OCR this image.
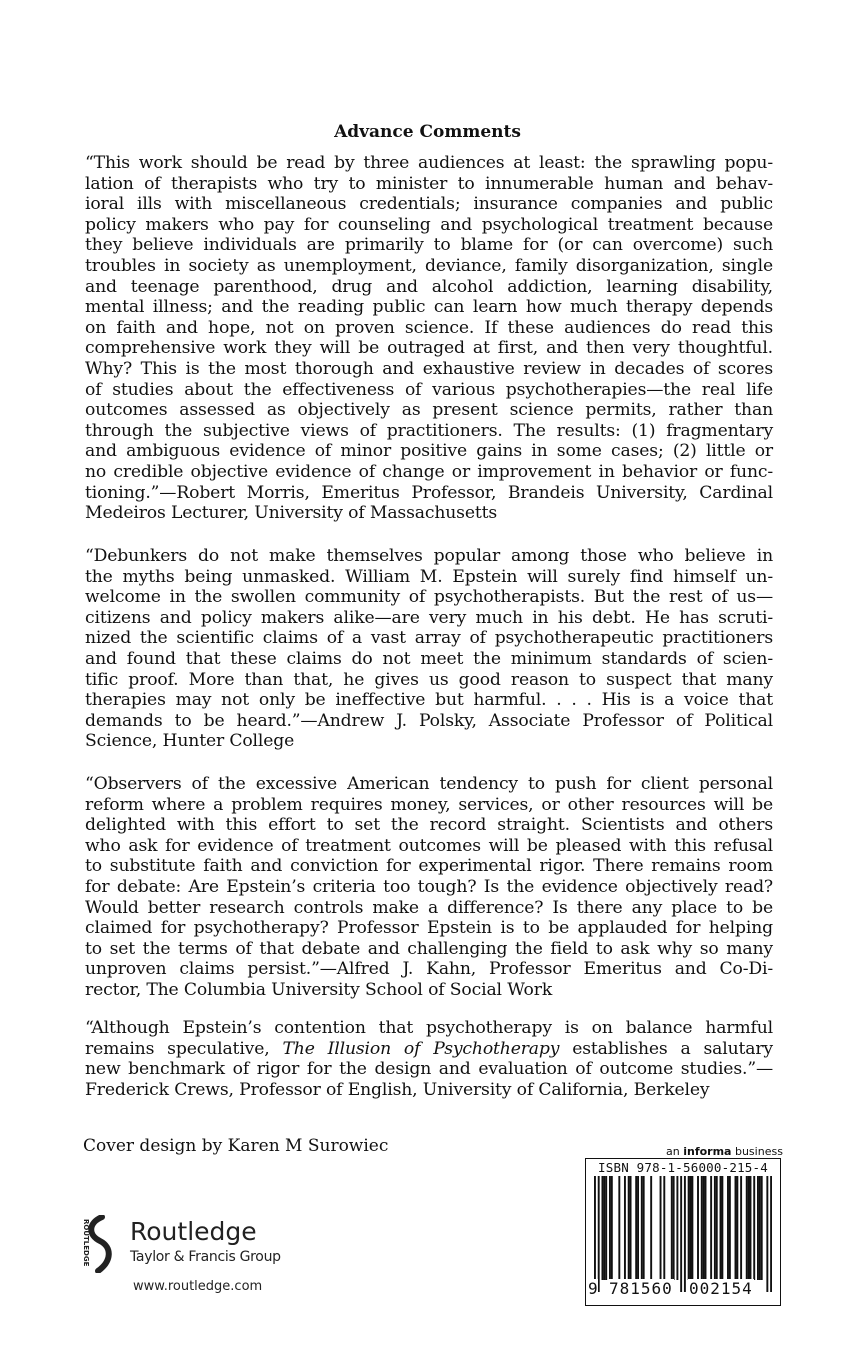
Advance Comments
“This work should be read by three audiences at least: the sprawling popu-
lation of therapists who try to minister to innumerable human and behav-
ioral ills with miscellaneous credentials; insurance companies and public
policy makers who pay for counseling and psychological treatment because
they believe individuals are primarily to blame for (or can overcome) such
troubles in society as unemployment, deviance, family disorganization, single
and teenage parenthood, drug and alcohol addiction, learning disability,
mental illness; and the reading public can learn how much therapy depends
on faith and hope, not on proven science. If these audiences do read this
comprehensive work they will be outraged at first, and then very thoughtful.
Why? This is the most thorough and exhaustive review in decades of scores
of studies about the effectiveness of various psychotherapies—the real life
outcomes assessed as objectively as present science permits, rather than
through the subjective views of practitioners. The results: (1) fragmentary
and ambiguous evidence of minor positive gains in some cases; (2) little or
no credible objective evidence of change or improvement in behavior or func-
tioning.”—Robert Morris, Emeritus Professor, Brandeis University, Cardinal
Medeiros Lecturer, University of Massachusetts
“Debunkers do not make themselves popular among those who believe in
the myths being unmasked. William M. Epstein will surely find himself un-
welcome in the swollen community of psychotherapists. But the rest of us—
citizens and policy makers alike—are very much in his debt. He has scruti-
nized the scientific claims of a vast array of psychotherapeutic practitioners
and found that these claims do not meet the minimum standards of scien-
tific proof. More than that, he gives us good reason to suspect that many
therapies may not only be ineffective but harmful. . . . His is a voice that
demands to be heard.”—Andrew J. Polsky, Associate Professor of Political
Science, Hunter College
“Observers of the excessive American tendency to push for client personal
reform where a problem requires money, services, or other resources will be
delighted with this effort to set the record straight. Scientists and others
who ask for evidence of treatment outcomes will be pleased with this refusal
to substitute faith and conviction for experimental rigor. There remains room
for debate: Are Epstein’s criteria too tough? Is the evidence objectively read?
Would better research controls make a difference? Is there any place to be
claimed for psychotherapy? Professor Epstein is to be applauded for helping
to set the terms of that debate and challenging the field to ask why so many
unproven claims persist.”—Alfred J. Kahn, Professor Emeritus and Co-Di-
rector, The Columbia University School of Social Work
“Although Epstein’s contention that psychotherapy is on balance harmful
remains speculative, The Illusion of Psychotherapy establishes a salutary
new benchmark of rigor for the design and evaluation of outcome studies.”—
Frederick Crews, Professor of English, University of California, Berkeley
Cover design by Karen M Surowiec
ROUTLEDGE Routledge
Taylor & Francis Group
www.routledge.com
an informa business
ISBN 978-1-56000-215-4
9 781560 002154
